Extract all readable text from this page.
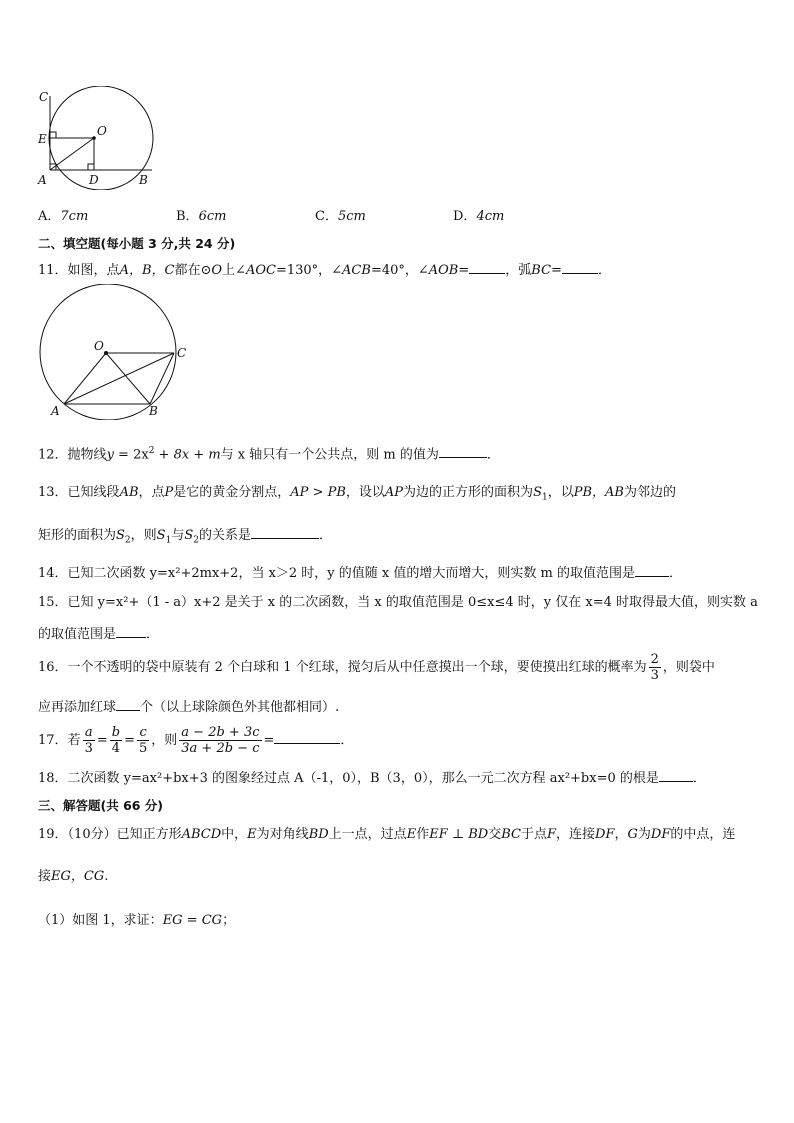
C
E
O
A	D	B
A．7cm	B．6cm	C．5cm	D．4cm
二、填空题(每小题 3 分,共 24 分)
11．如图，点A，B，C都在⊙O上∠AOC=130°，∠ACB=40°，∠AOB=	，弧BC=	．
O	C
A	B
12．抛物线$y = 2x^2 + 8x + m$与 x 轴只有一个公共点，则 m 的值为	．
13．已知线段AB，点P是它的黄金分割点，AP > PB，设以AP为边的正方形的面积为$S_1$，以PB，AB为邻边的
矩形的面积为$S_2$，则$S_1$与$S_2$的关系是	．
14．已知二次函数 y=x²+2mx+2，当 x＞2 时，y 的值随 x 值的增大而增大，则实数 m 的取值范围是	．
15．已知 y=x²+（1 - a）x+2 是关于 x 的二次函数，当 x 的取值范围是 0≤x≤4 时，y 仅在 x=4 时取得最大值，则实数 a
的取值范围是 ．
16．一个不透明的袋中原装有 2 个白球和 1 个红球，搅匀后从中任意摸出一个球，要使摸出红球的概率为 $\frac{2}{3}$ ，则袋中
应再添加红球 个（以上球除颜色外其他都相同）.
17．若 $\frac{a}{3} = \frac{b}{4} = \frac{c}{5}$ ，则 $\frac{a - 2b + 3c}{3a + 2b - c}$ =	．
18．二次函数 y=ax²+bx+3 的图象经过点 A（-1，0），B（3，0），那么一元二次方程 ax²+bx=0 的根是	．
三、解答题(共 66 分)
19．（10分）已知正方形ABCD中，E为对角线BD上一点，过点E作EF ⊥ BD交BC于点F，连接DF，G为DF的中点，连
接EG，CG.
（1）如图 1，求证：EG = CG；
